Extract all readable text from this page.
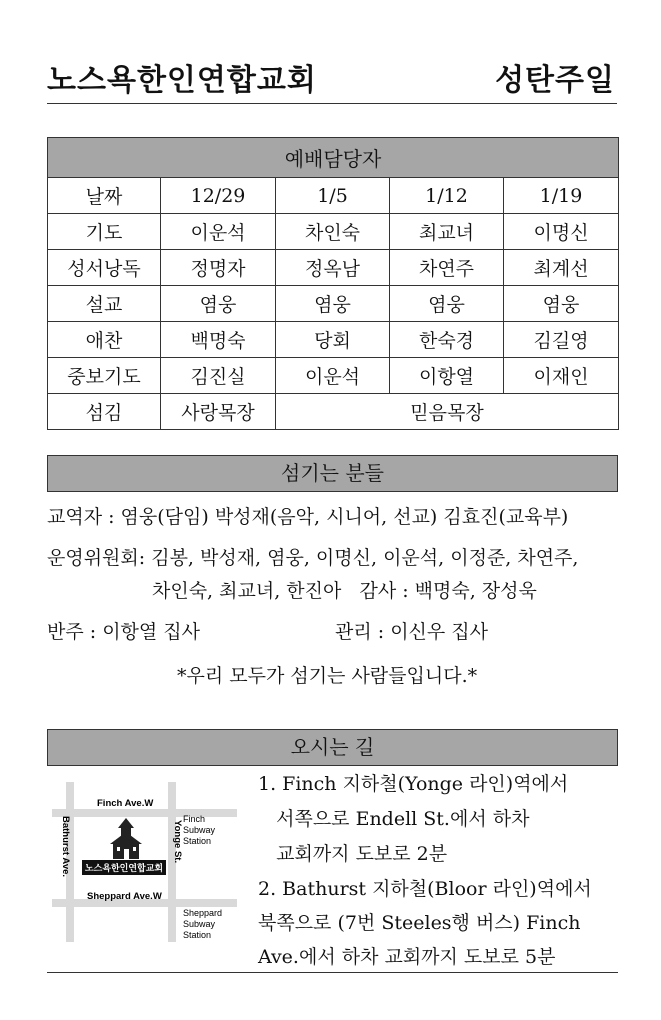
노스욕한인연합교회	성탄주일
예배담당자				
날짜	12/29	1/5	1/12	1/19
기도	이운석	차인숙	최교녀	이명신
성서낭독	정명자	정옥남	차연주	최계선
설교	염웅	염웅	염웅	염웅
애찬	백명숙	당회	한숙경	김길영
중보기도	김진실	이운석	이항열	이재인
섬김	사랑목장	믿음목장		
섬기는 분들
교역자 : 염웅(담임) 박성재(음악, 시니어, 선교) 김효진(교육부)
운영위원회: 김봉, 박성재, 염웅, 이명신, 이운석, 이정준, 차연주,
차인숙, 최교녀, 한진아   감사 : 백명숙, 장성욱
반주 : 이항열 집사	관리 : 이신우 집사
*우리 모두가 섬기는 사람들입니다.*
오시는 길
Finch Ave.W
Sheppard Ave.W
Bathurst Ave.	Yonge St.
Finch Subway Station
Sheppard Subway Station
노스욕한인연합교회
1. Finch 지하철(Yonge 라인)역에서
서쪽으로 Endell St.에서 하차
교회까지 도보로 2분
2. Bathurst 지하철(Bloor 라인)역에서
북쪽으로 (7번 Steeles행 버스) Finch
Ave.에서 하차 교회까지 도보로 5분
